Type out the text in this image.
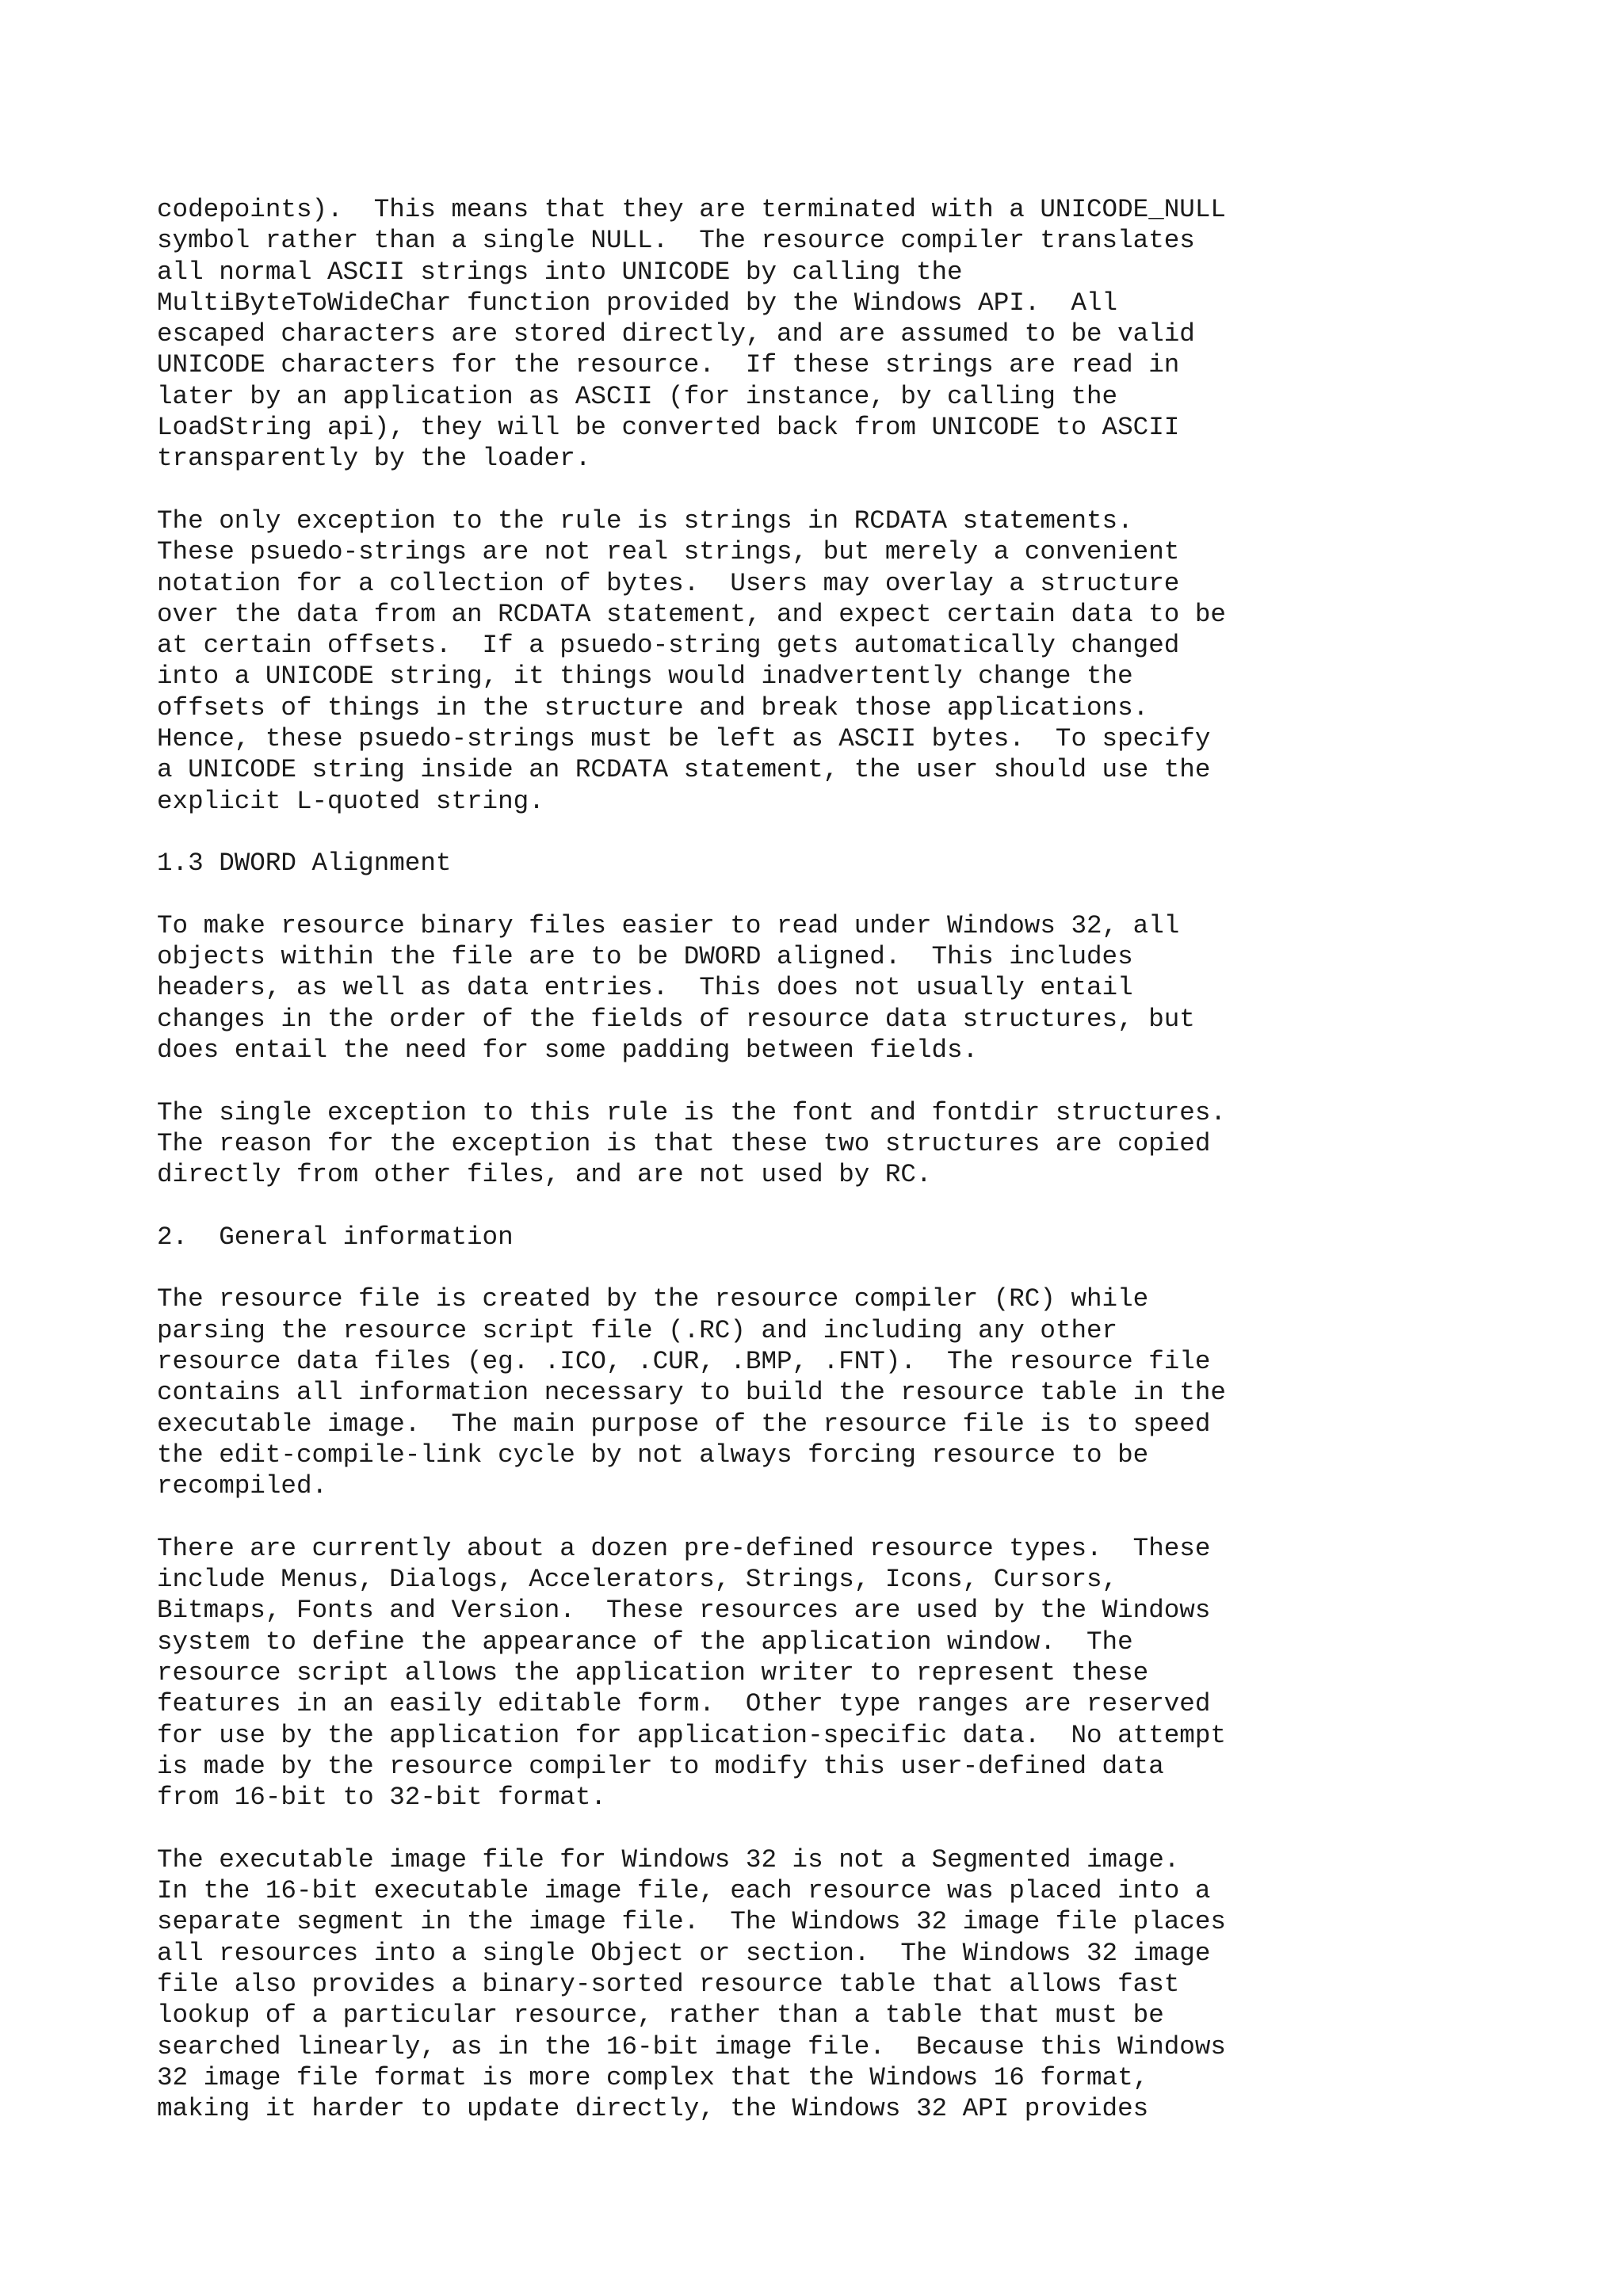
codepoints).  This means that they are terminated with a UNICODE_NULL
symbol rather than a single NULL.  The resource compiler translates
all normal ASCII strings into UNICODE by calling the
MultiByteToWideChar function provided by the Windows API.  All
escaped characters are stored directly, and are assumed to be valid
UNICODE characters for the resource.  If these strings are read in
later by an application as ASCII (for instance, by calling the
LoadString api), they will be converted back from UNICODE to ASCII
transparently by the loader.
The only exception to the rule is strings in RCDATA statements.
These psuedo-strings are not real strings, but merely a convenient
notation for a collection of bytes.  Users may overlay a structure
over the data from an RCDATA statement, and expect certain data to be
at certain offsets.  If a psuedo-string gets automatically changed
into a UNICODE string, it things would inadvertently change the
offsets of things in the structure and break those applications.
Hence, these psuedo-strings must be left as ASCII bytes.  To specify
a UNICODE string inside an RCDATA statement, the user should use the
explicit L-quoted string.
1.3 DWORD Alignment
To make resource binary files easier to read under Windows 32, all
objects within the file are to be DWORD aligned.  This includes
headers, as well as data entries.  This does not usually entail
changes in the order of the fields of resource data structures, but
does entail the need for some padding between fields.
The single exception to this rule is the font and fontdir structures.
The reason for the exception is that these two structures are copied
directly from other files, and are not used by RC.
2.  General information
The resource file is created by the resource compiler (RC) while
parsing the resource script file (.RC) and including any other
resource data files (eg. .ICO, .CUR, .BMP, .FNT).  The resource file
contains all information necessary to build the resource table in the
executable image.  The main purpose of the resource file is to speed
the edit-compile-link cycle by not always forcing resource to be
recompiled.
There are currently about a dozen pre-defined resource types.  These
include Menus, Dialogs, Accelerators, Strings, Icons, Cursors,
Bitmaps, Fonts and Version.  These resources are used by the Windows
system to define the appearance of the application window.  The
resource script allows the application writer to represent these
features in an easily editable form.  Other type ranges are reserved
for use by the application for application-specific data.  No attempt
is made by the resource compiler to modify this user-defined data
from 16-bit to 32-bit format.
The executable image file for Windows 32 is not a Segmented image.
In the 16-bit executable image file, each resource was placed into a
separate segment in the image file.  The Windows 32 image file places
all resources into a single Object or section.  The Windows 32 image
file also provides a binary-sorted resource table that allows fast
lookup of a particular resource, rather than a table that must be
searched linearly, as in the 16-bit image file.  Because this Windows
32 image file format is more complex that the Windows 16 format,
making it harder to update directly, the Windows 32 API provides
